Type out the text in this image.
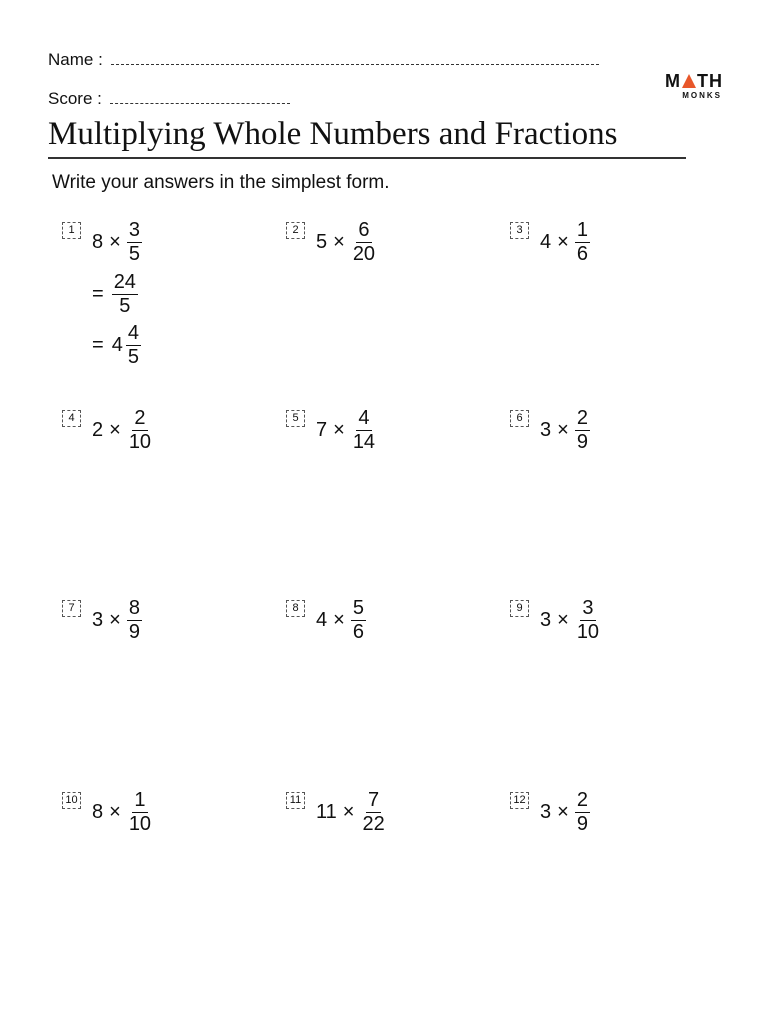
Name :
Score :
M TH
MONKS
Multiplying Whole Numbers and Fractions
Write your answers in the simplest form.
1
$8 \times \frac{3}{5}$	2
$5 \times \frac{6}{20}$	3
$4 \times \frac{1}{6}$
4
$2 \times \frac{2}{10}$	5
$7 \times \frac{4}{14}$	6
$3 \times \frac{2}{9}$
7
$3 \times \frac{8}{9}$	8
$4 \times \frac{5}{6}$	9
$3 \times \frac{3}{10}$
10
$8 \times \frac{1}{10}$	11
$11 \times \frac{7}{22}$	12
$3 \times \frac{2}{9}$
= $\frac{24}{5}$
= $4 \frac{4}{5}$
